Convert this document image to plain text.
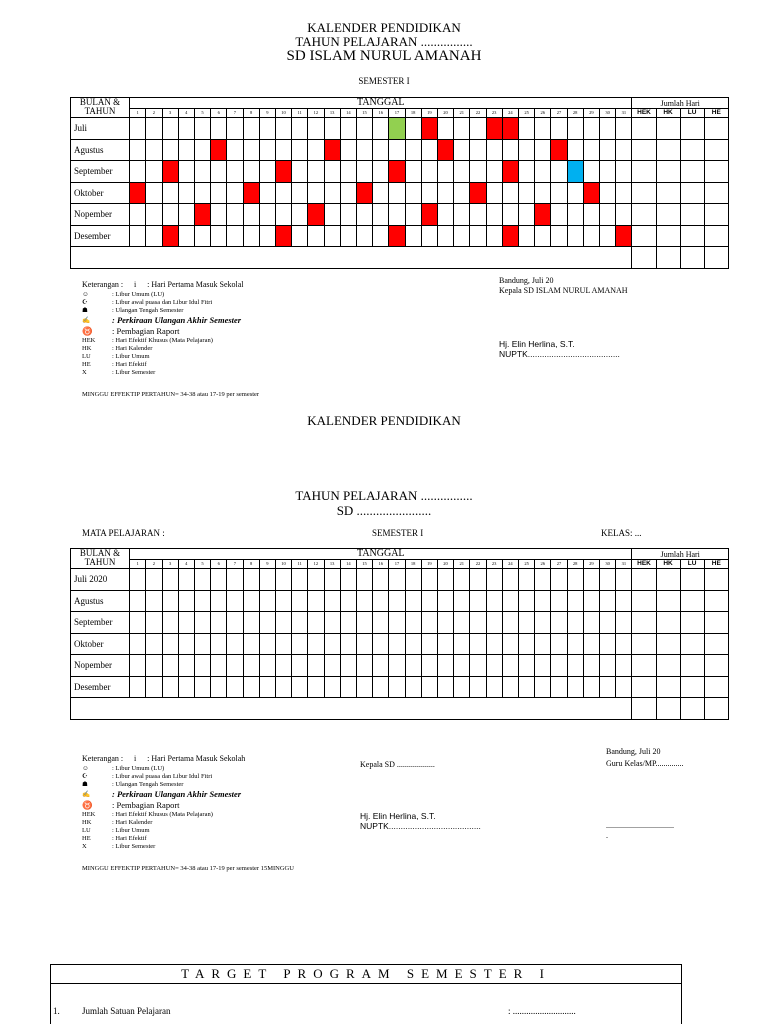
KALENDER PENDIDIKAN
TAHUN PELAJARAN ................
SD ISLAM NURUL AMANAH
SEMESTER I
BULAN & TAHUN	TANGGAL																															Jumlah Hari			
	1	2	3	4	5	6	7	8	9	10	11	12	13	14	15	16	17	18	19	20	21	22	23	24	25	26	27	28	29	30	31	HEK	HK	LU	HE
Juli																																			
Agustus																																			
September																																			
Oktober																																			
Nopember																																			
Desember																																			

Keterangan : i : Hari Pertama Masuk Sekolal
☺	: Libur Umum (LU)
☪	: Libur awal puasa dan Libur Idul Fitri
☗	: Ulangan Tengah Semester
✍	: Perkiraan Ulangan Akhir Semester
♉	: Pembagian Raport
HEK	: Hari Efektif Khusus (Mata Pelajaran)
HK	: Hari Kalender
LU	: Libur Umum
HE	: Hari Efektif
X	: Libur Semester
MINGGU EFFEKTIP PERTAHUN= 34-38 atau 17-19 per semester
Bandung, Juli 20
Kepala SD ISLAM NURUL AMANAH
Hj. Elin Herlina, S.T.
NUPTK.......................................
KALENDER PENDIDIKAN
TAHUN PELAJARAN ................
SD .......................
MATA PELAJARAN :	SEMESTER I	KELAS: ...
BULAN & TAHUN	TANGGAL																															Jumlah Hari			
	1	2	3	4	5	6	7	8	9	10	11	12	13	14	15	16	17	18	19	20	21	22	23	24	25	26	27	28	29	30	31	HEK	HK	LU	HE
Juli 2020																																			
Agustus																																			
September																																			
Oktober																																			
Nopember																																			
Desember																																			

Keterangan : i : Hari Pertama Masuk Sekolah
☺	: Libur Umum (LU)
☪	: Libur awal puasa dan Libur Idul Fitri
☗	: Ulangan Tengah Semester
✍	: Perkiraan Ulangan Akhir Semester
♉	: Pembagian Raport
HEK	: Hari Efektif Khusus (Mata Pelajaran)
HK	: Hari Kalender
LU	: Libur Umum
HE	: Hari Efektif
X	: Libur Semester
MINGGU EFFEKTIP PERTAHUN= 34-38 atau 17-19 per semester 15MINGGU
Kepala SD ...................
Hj. Elin Herlina, S.T.
NUPTK.......................................
Bandung, Juli 20
Guru Kelas/MP..............
..................................
.
TARGET PROGRAM SEMESTER I
1. Jumlah Satuan Pelajaran	: ............................
